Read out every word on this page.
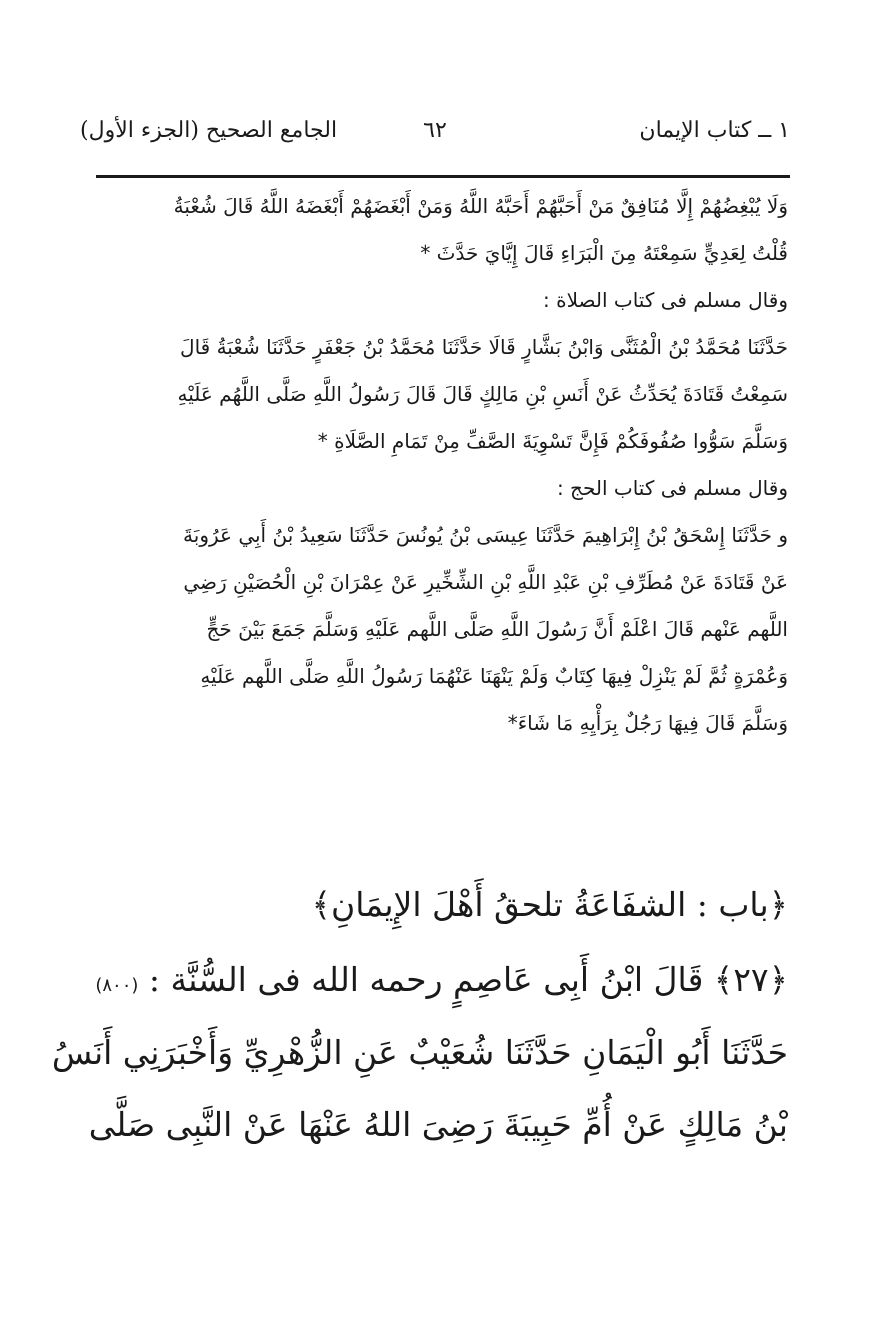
١ ــ كتاب الإيمان
٦٢
الجامع الصحيح (الجزء الأول)
وَلَا يُبْغِضُهُمْ إِلَّا مُنَافِقٌ مَنْ أَحَبَّهُمْ أَحَبَّهُ اللَّهُ وَمَنْ أَبْغَضَهُمْ أَبْغَضَهُ اللَّهُ قَالَ شُعْبَةُ
قُلْتُ لِعَدِيٍّ سَمِعْتَهُ مِنَ الْبَرَاءِ قَالَ إِيَّايَ حَدَّثَ *
وقال مسلم فى كتاب الصلاة :
حَدَّثَنَا مُحَمَّدُ بْنُ الْمُثَنَّى وَابْنُ بَشَّارٍ قَالَا حَدَّثَنَا مُحَمَّدُ بْنُ جَعْفَرٍ حَدَّثَنَا شُعْبَةُ قَالَ
سَمِعْتُ قَتَادَةَ يُحَدِّثُ عَنْ أَنَسِ بْنِ مَالِكٍ قَالَ قَالَ رَسُولُ اللَّهِ صَلَّى اللَّهُم عَلَيْهِ
وَسَلَّمَ سَوُّوا صُفُوفَكُمْ فَإِنَّ تَسْوِيَةَ الصَّفِّ مِنْ تَمَامِ الصَّلَاةِ *
وقال مسلم فى كتاب الحج :
و حَدَّثَنَا إِسْحَقُ بْنُ إِبْرَاهِيمَ حَدَّثَنَا عِيسَى بْنُ يُونُسَ حَدَّثَنَا سَعِيدُ بْنُ أَبِي عَرُوبَةَ
عَنْ قَتَادَةَ عَنْ مُطَرِّفِ بْنِ عَبْدِ اللَّهِ بْنِ الشِّخِّيرِ عَنْ عِمْرَانَ بْنِ الْحُصَيْنِ رَضِي
اللَّهم عَنْهم قَالَ اعْلَمْ أَنَّ رَسُولَ اللَّهِ صَلَّى اللَّهم عَلَيْهِ وَسَلَّمَ جَمَعَ بَيْنَ حَجٍّ
وَعُمْرَةٍ ثُمَّ لَمْ يَنْزِلْ فِيهَا كِتَابٌ وَلَمْ يَنْهَنَا عَنْهُمَا رَسُولُ اللَّهِ صَلَّى اللَّهم عَلَيْهِ
وَسَلَّمَ قَالَ فِيهَا رَجُلٌ بِرَأْيِهِ مَا شَاءَ*
﴿باب : الشفَاعَةُ تلحقُ أَهْلَ الإِيمَانِ﴾
﴿٢٧﴾ قَالَ ابْنُ أَبِى عَاصِمٍ رحمه الله فى السُّنَّة : (٨٠٠)
حَدَّثَنَا أَبُو الْيَمَانِ حَدَّثَنَا شُعَيْبٌ عَنِ الزُّهْرِيِّ وَأَخْبَرَنِي أَنَسُ
بْنُ مَالِكٍ عَنْ أُمِّ حَبِيبَةَ رَضِىَ اللهُ عَنْهَا عَنْ النَّبِى صَلَّى
